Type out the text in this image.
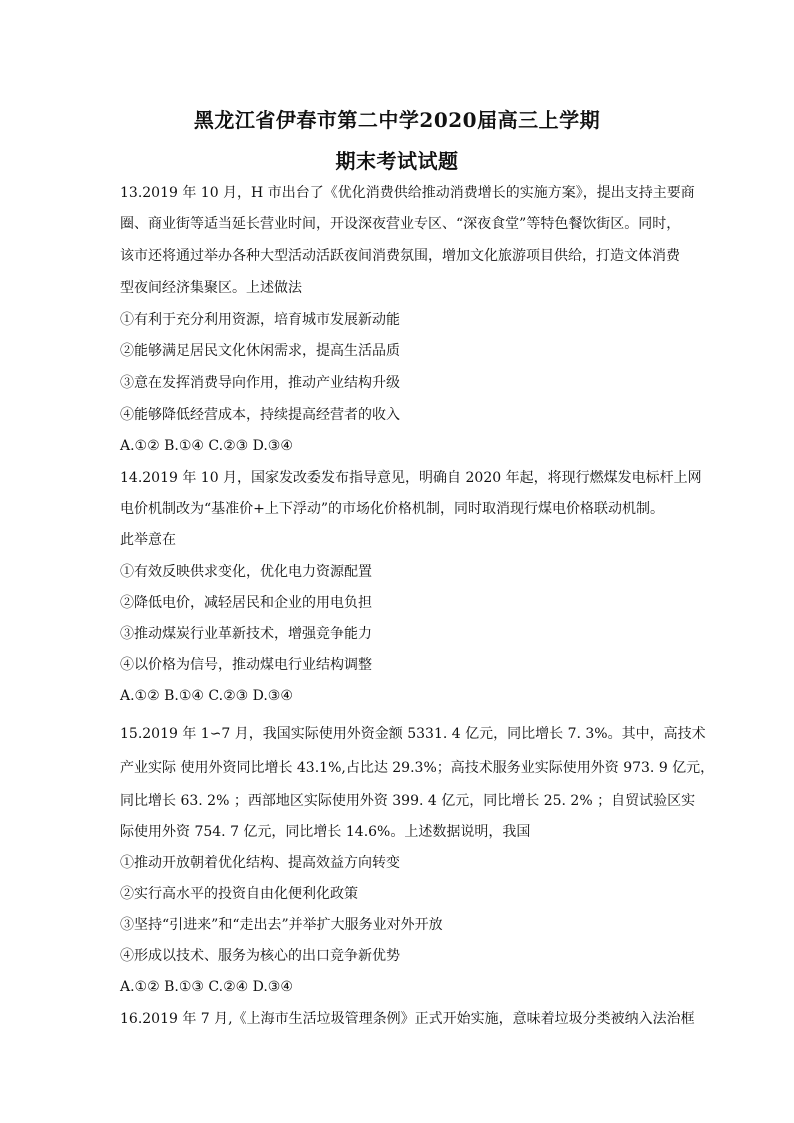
黑龙江省伊春市第二中学2020届高三上学期
期末考试试题
13.2019 年 10 月，H 市出台了《优化消费供给推动消费增长的实施方案》，提出支持主要商
圈、商业街等适当延长营业时间，开设深夜营业专区、“深夜食堂”等特色餐饮街区。同时，
该市还将通过举办各种大型活动活跃夜间消费氛围，增加文化旅游项目供给，打造文体消费
型夜间经济集聚区。上述做法
①有利于充分利用资源，培育城市发展新动能
②能够满足居民文化休闲需求，提高生活品质
③意在发挥消费导向作用，推动产业结构升级
④能够降低经营成本，持续提高经营者的收入
A.①② B.①④ C.②③ D.③④
14.2019 年 10 月，国家发改委发布指导意见，明确自 2020 年起，将现行燃煤发电标杆上网
电价机制改为“基准价+上下浮动”的市场化价格机制，同时取消现行煤电价格联动机制。
此举意在
①有效反映供求变化，优化电力资源配置
②降低电价，减轻居民和企业的用电负担
③推动煤炭行业革新技术，增强竞争能力
④以价格为信号，推动煤电行业结构调整
A.①② B.①④ C.②③ D.③④
15.2019 年 1∽7 月，我国实际使用外资金额 5331. 4 亿元，同比增长 7. 3%。其中，高技术
产业实际 使用外资同比增长 43.1%,占比达 29.3%；高技术服务业实际使用外资 973. 9 亿元，
同比增长 63. 2% ；西部地区实际使用外资 399. 4 亿元，同比增长 25. 2% ；自贸试验区实
际使用外资 754. 7 亿元，同比增长 14.6%。上述数据说明，我国
①推动开放朝着优化结构、提高效益方向转变
②实行高水平的投资自由化便利化政策
③坚持“引进来”和“走出去”并举扩大服务业对外开放
④形成以技术、服务为核心的出口竞争新优势
A.①② B.①③ C.②④ D.③④
16.2019 年 7 月,《上海市生活垃圾管理条例》正式开始实施，意味着垃圾分类被纳入法治框
